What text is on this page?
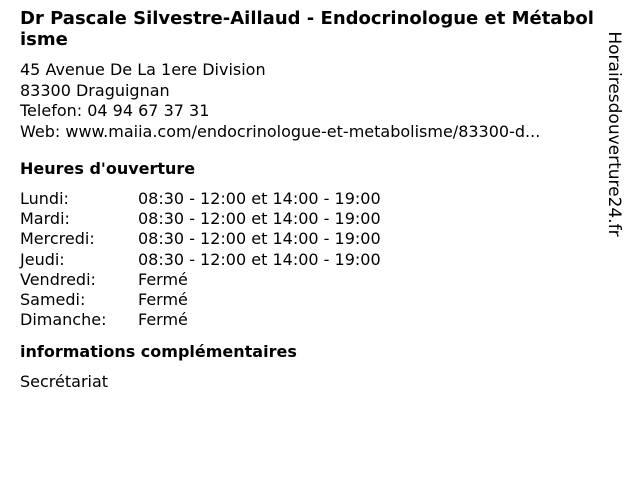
Dr Pascale Silvestre-Aillaud - Endocrinologue et Métabolisme
45 Avenue De La 1ere Division
83300 Draguignan
Telefon: 04 94 67 37 31
Web: www.maiia.com/endocrinologue-et-metabolisme/83300-d...
Heures d'ouverture
Lundi:	08:30 - 12:00 et 14:00 - 19:00
Mardi:	08:30 - 12:00 et 14:00 - 19:00
Mercredi:	08:30 - 12:00 et 14:00 - 19:00
Jeudi:	08:30 - 12:00 et 14:00 - 19:00
Vendredi:	Fermé
Samedi:	Fermé
Dimanche:	Fermé
informations complémentaires
Secrétariat
Horairesdouverture24.fr
